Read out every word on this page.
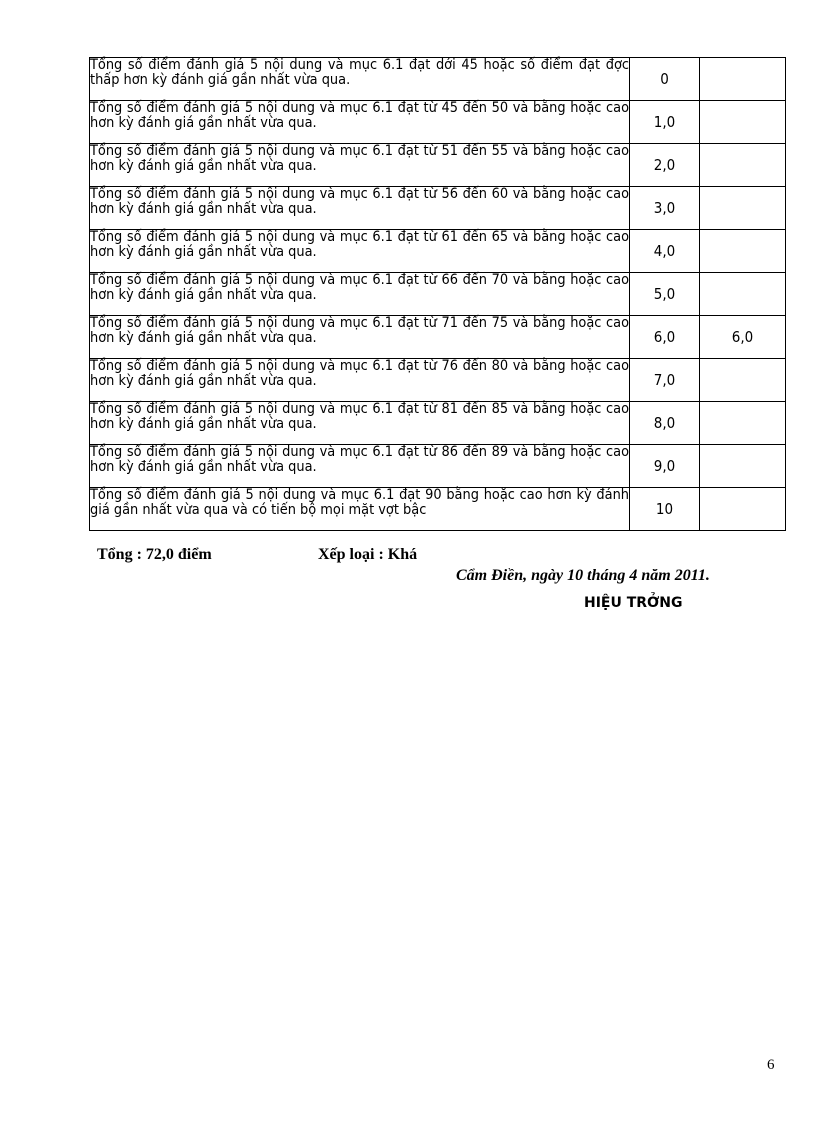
Tổng số điểm đánh giá 5 nội dung và mục 6.1 đạt dới 45 hoặc số điểm đạt đợc thấp hơn kỳ đánh giá gần nhất vừa qua.	0	
Tổng số điểm đánh giá 5 nội dung và mục 6.1 đạt từ 45 đến 50 và bằng hoặc cao hơn kỳ đánh giá gần nhất vừa qua.	1,0	
Tổng số điểm đánh giá 5 nội dung và mục 6.1 đạt từ 51 đến 55 và bằng hoặc cao hơn kỳ đánh giá gần nhất vừa qua.	2,0	
Tổng số điểm đánh giá 5 nội dung và mục 6.1 đạt từ 56 đến 60 và bằng hoặc cao hơn kỳ đánh giá gần nhất vừa qua.	3,0	
Tổng số điểm đánh giá 5 nội dung và mục 6.1 đạt từ 61 đến 65 và bằng hoặc cao hơn kỳ đánh giá gần nhất vừa qua.	4,0	
Tổng số điểm đánh giá 5 nội dung và mục 6.1 đạt từ 66 đến 70 và bằng hoặc cao hơn kỳ đánh giá gần nhất vừa qua.	5,0	
Tổng số điểm đánh giá 5 nội dung và mục 6.1 đạt từ 71 đến 75 và bằng hoặc cao hơn kỳ đánh giá gần nhất vừa qua.	6,0	6,0
Tổng số điểm đánh giá 5 nội dung và mục 6.1 đạt từ 76 đến 80 và bằng hoặc cao hơn kỳ đánh giá gần nhất vừa qua.	7,0	
Tổng số điểm đánh giá 5 nội dung và mục 6.1 đạt từ 81 đến 85 và bằng hoặc cao hơn kỳ đánh giá gần nhất vừa qua.	8,0	
Tổng số điểm đánh giá 5 nội dung và mục 6.1 đạt từ 86 đến 89 và bằng hoặc cao hơn kỳ đánh giá gần nhất vừa qua.	9,0	
Tổng số điểm đánh giá 5 nội dung và mục 6.1 đạt 90 bằng hoặc cao hơn kỳ đánh giá gần nhất vừa qua và có tiến bộ mọi mặt vợt bậc	10	
Tổng : 72,0 điểm	Xếp loại : Khá
Cẩm Điền, ngày 10 tháng 4 năm 2011.
HIỆU TRỞNG
6
